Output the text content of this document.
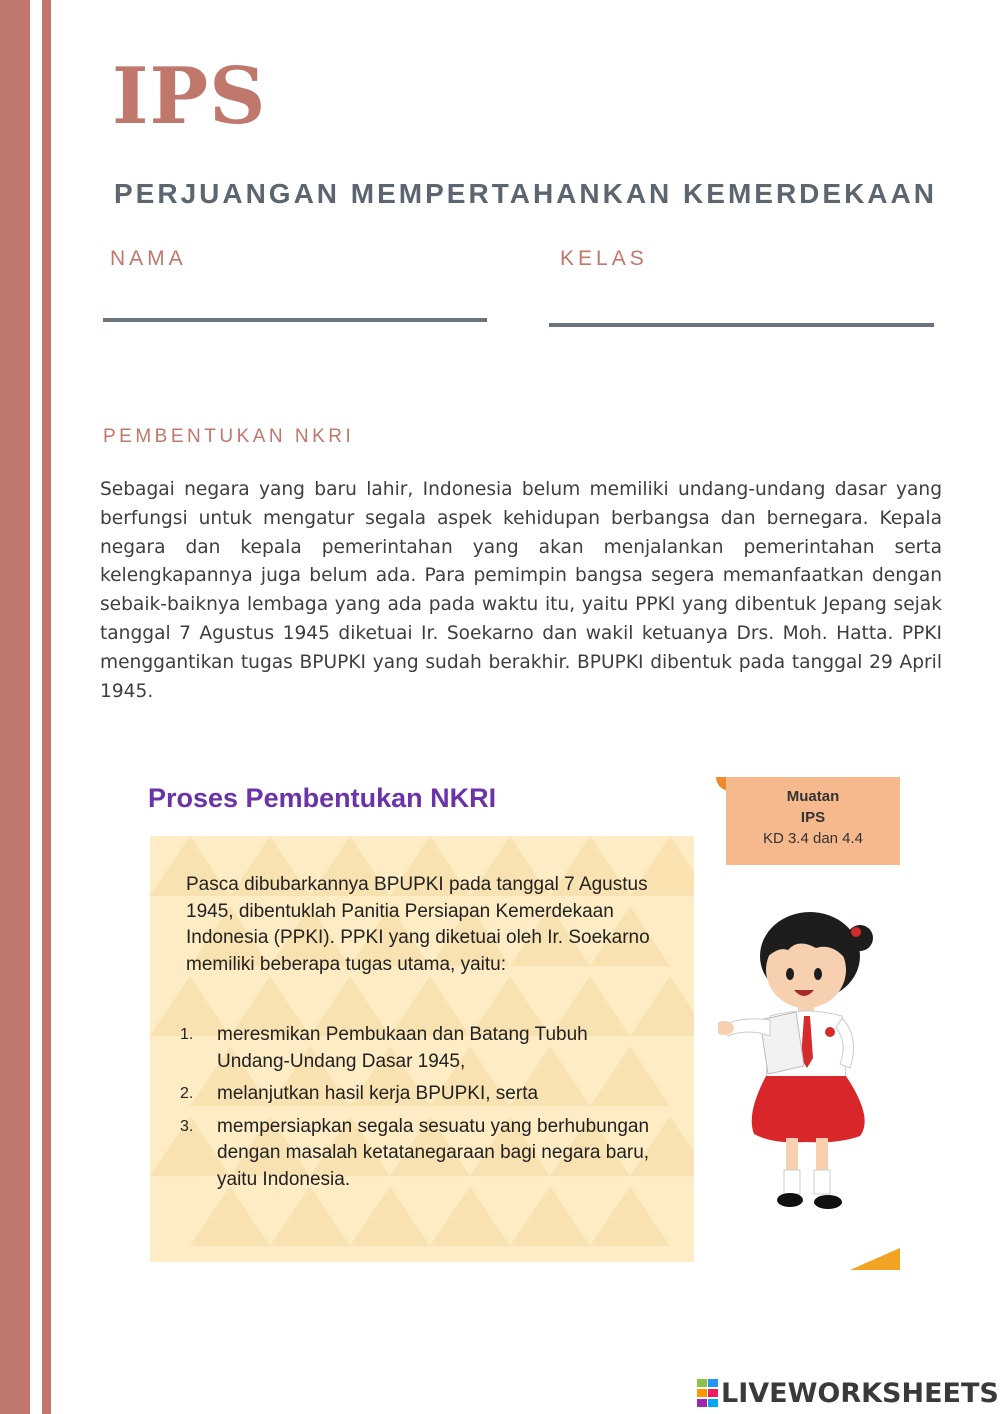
IPS
PERJUANGAN MEMPERTAHANKAN KEMERDEKAAN

NAMA	KELAS

PEMBENTUKAN NKRI

Sebagai negara yang baru lahir, Indonesia belum memiliki undang-undang dasar yang berfungsi untuk mengatur segala aspek kehidupan berbangsa dan bernegara. Kepala negara dan kepala pemerintahan yang akan menjalankan pemerintahan serta kelengkapannya juga belum ada. Para pemimpin bangsa segera memanfaatkan dengan sebaik-baiknya lembaga yang ada pada waktu itu, yaitu PPKI yang dibentuk Jepang sejak tanggal 7 Agustus 1945 diketuai Ir. Soekarno dan wakil ketuanya Drs. Moh. Hatta. PPKI menggantikan tugas BPUPKI yang sudah berakhir. BPUPKI dibentuk pada tanggal 29 April 1945.

Proses Pembentukan NKRI
Pasca dibubarkannya BPUPKI pada tanggal 7 Agustus 1945, dibentuklah Panitia Persiapan Kemerdekaan Indonesia (PPKI). PPKI yang diketuai oleh Ir. Soekarno memiliki beberapa tugas utama, yaitu:
1. meresmikan Pembukaan dan Batang Tubuh Undang-Undang Dasar 1945,
2. melanjutkan hasil kerja BPUPKI, serta
3. mempersiapkan segala sesuatu yang berhubungan dengan masalah ketatanegaraan bagi negara baru, yaitu Indonesia.
Muatan
IPS
KD 3.4 dan 4.4
LIVEWORKSHEETS
